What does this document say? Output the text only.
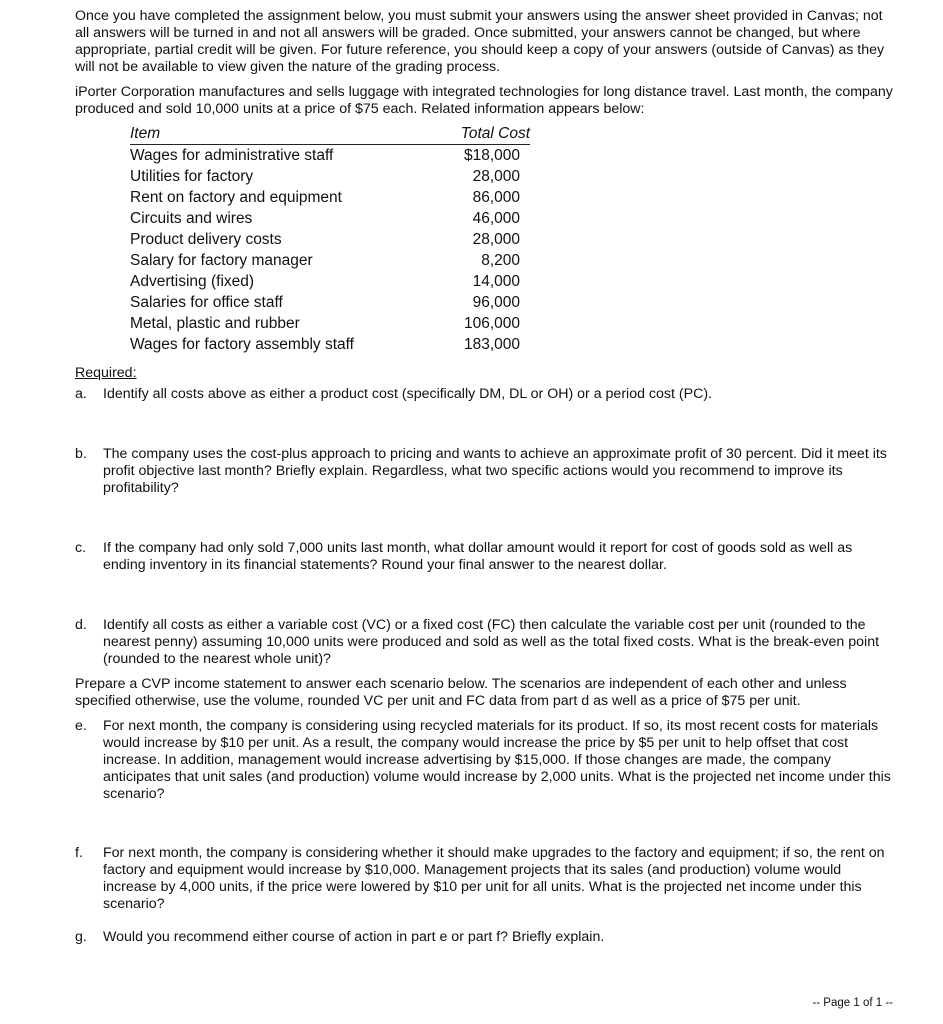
Once you have completed the assignment below, you must submit your answers using the answer sheet provided in Canvas; not all answers will be turned in and not all answers will be graded. Once submitted, your answers cannot be changed, but where appropriate, partial credit will be given. For future reference, you should keep a copy of your answers (outside of Canvas) as they will not be available to view given the nature of the grading process.

iPorter Corporation manufactures and sells luggage with integrated technologies for long distance travel. Last month, the company produced and sold 10,000 units at a price of $75 each. Related information appears below:

Item	Total Cost
Wages for administrative staff	$18,000
Utilities for factory	28,000
Rent on factory and equipment	86,000
Circuits and wires	46,000
Product delivery costs	28,000
Salary for factory manager	8,200
Advertising (fixed)	14,000
Salaries for office staff	96,000
Metal, plastic and rubber	106,000
Wages for factory assembly staff	183,000

Required:

a.	Identify all costs above as either a product cost (specifically DM, DL or OH) or a period cost (PC).
b.	The company uses the cost-plus approach to pricing and wants to achieve an approximate profit of 30 percent. Did it meet its profit objective last month? Briefly explain. Regardless, what two specific actions would you recommend to improve its profitability?
c.	If the company had only sold 7,000 units last month, what dollar amount would it report for cost of goods sold as well as ending inventory in its financial statements? Round your final answer to the nearest dollar.
d.	Identify all costs as either a variable cost (VC) or a fixed cost (FC) then calculate the variable cost per unit (rounded to the nearest penny) assuming 10,000 units were produced and sold as well as the total fixed costs. What is the break-even point (rounded to the nearest whole unit)?

Prepare a CVP income statement to answer each scenario below. The scenarios are independent of each other and unless specified otherwise, use the volume, rounded VC per unit and FC data from part d as well as a price of $75 per unit.

e.	For next month, the company is considering using recycled materials for its product. If so, its most recent costs for materials would increase by $10 per unit. As a result, the company would increase the price by $5 per unit to help offset that cost increase. In addition, management would increase advertising by $15,000. If those changes are made, the company anticipates that unit sales (and production) volume would increase by 2,000 units. What is the projected net income under this scenario?
f.	For next month, the company is considering whether it should make upgrades to the factory and equipment; if so, the rent on factory and equipment would increase by $10,000. Management projects that its sales (and production) volume would increase by 4,000 units, if the price were lowered by $10 per unit for all units. What is the projected net income under this scenario?
g.	Would you recommend either course of action in part e or part f? Briefly explain.
-- Page 1 of 1 --
